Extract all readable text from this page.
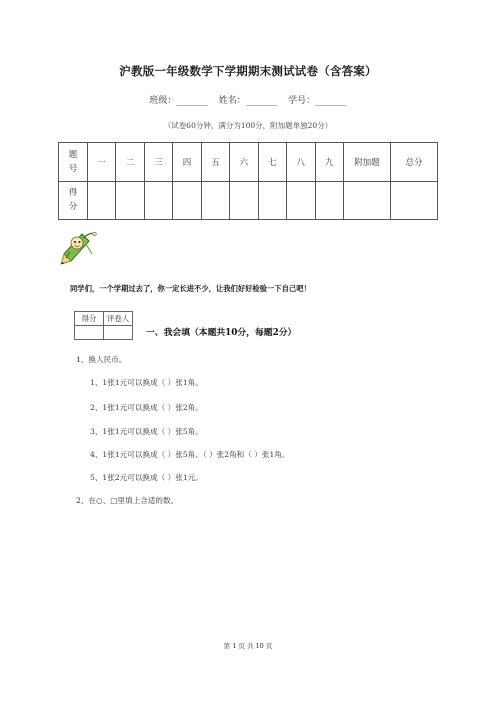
沪教版一年级数学下学期期末测试试卷（含答案）
班级：_______ 姓名：_______ 学号：_______
（试卷60分钟，满分为100分，附加题单独20分）
题号	一	二	三	四	五	六	七	八	九	附加题	总分
得分											
同学们，一个学期过去了，你一定长进不少，让我们好好检验一下自己吧！
得分	评卷人

一、我会填（本题共10分，每题2分）
1、换人民币。
1、1张1元可以换成（ ）张1角。
2、1张1元可以换成（ ）张2角。
3、1张1元可以换成（ ）张5角。
4、1张1元可以换成（ ）张5角、（ ）张2角和（ ）张1角。
5、1张2元可以换成（ ）张1元。
2、在○、□里填上合适的数。
第 1 页 共 10 页
